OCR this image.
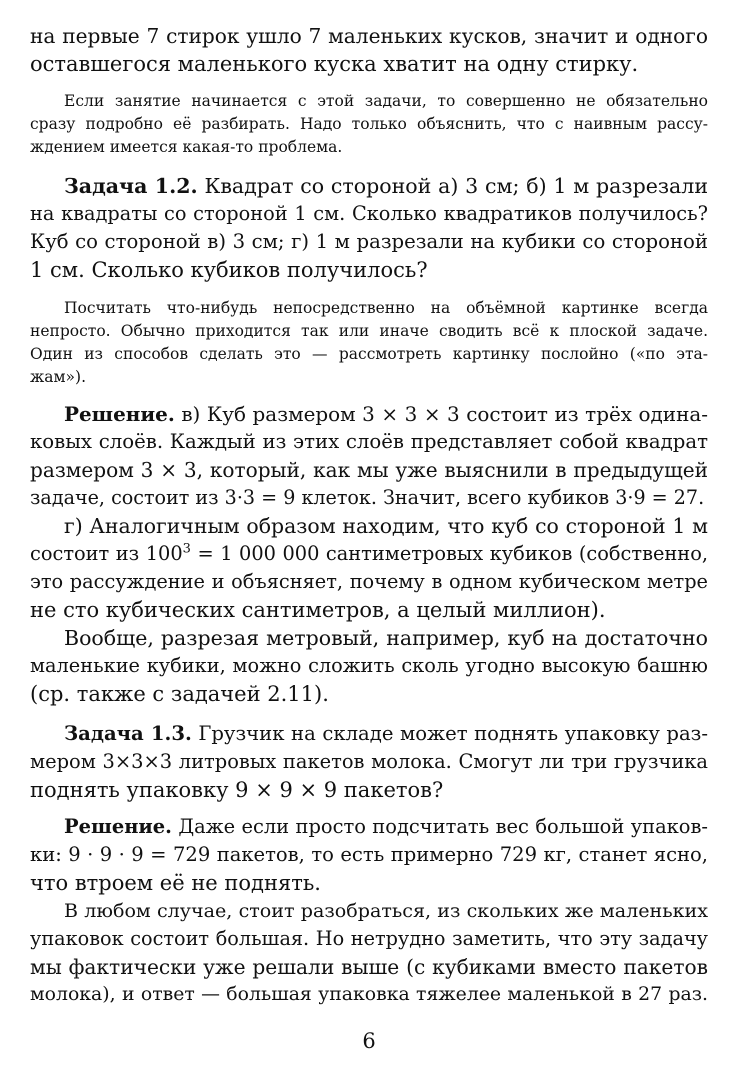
на первые 7 стирок ушло 7 маленьких кусков, значит и одного
оставшегося маленького куска хватит на одну стирку.
Если занятие начинается с этой задачи, то совершенно не обязательно
сразу подробно её разбирать. Надо только объяснить, что с наивным рассу-
ждением имеется какая-то проблема.
Задача 1.2. Квадрат со стороной а) 3 см; б) 1 м разрезали
на квадраты со стороной 1 см. Сколько квадратиков получилось?
Куб со стороной в) 3 см; г) 1 м разрезали на кубики со стороной
1 см. Сколько кубиков получилось?
Посчитать что-нибудь непосредственно на объёмной картинке всегда
непросто. Обычно приходится так или иначе сводить всё к плоской задаче.
Один из способов сделать это — рассмотреть картинку послойно («по эта-
жам»).
Решение. в) Куб размером 3 × 3 × 3 состоит из трёх одина-
ковых слоёв. Каждый из этих слоёв представляет собой квадрат
размером 3 × 3, который, как мы уже выяснили в предыдущей
задаче, состоит из 3·3 = 9 клеток. Значит, всего кубиков 3·9 = 27.
г) Аналогичным образом находим, что куб со стороной 1 м
состоит из $100^3 = 1$ 000 000 сантиметровых кубиков (собственно,
это рассуждение и объясняет, почему в одном кубическом метре
не сто кубических сантиметров, а целый миллион).
Вообще, разрезая метровый, например, куб на достаточно
маленькие кубики, можно сложить сколь угодно высокую башню
(ср. также с задачей 2.11).
Задача 1.3. Грузчик на складе может поднять упаковку раз-
мером 3×3×3 литровых пакетов молока. Смогут ли три грузчика
поднять упаковку 9 × 9 × 9 пакетов?
Решение. Даже если просто подсчитать вес большой упаков-
ки: 9 · 9 · 9 = 729 пакетов, то есть примерно 729 кг, станет ясно,
что втроем её не поднять.
В любом случае, стоит разобраться, из скольких же маленьких
упаковок состоит большая. Но нетрудно заметить, что эту задачу
мы фактически уже решали выше (с кубиками вместо пакетов
молока), и ответ — большая упаковка тяжелее маленькой в 27 раз.
6
